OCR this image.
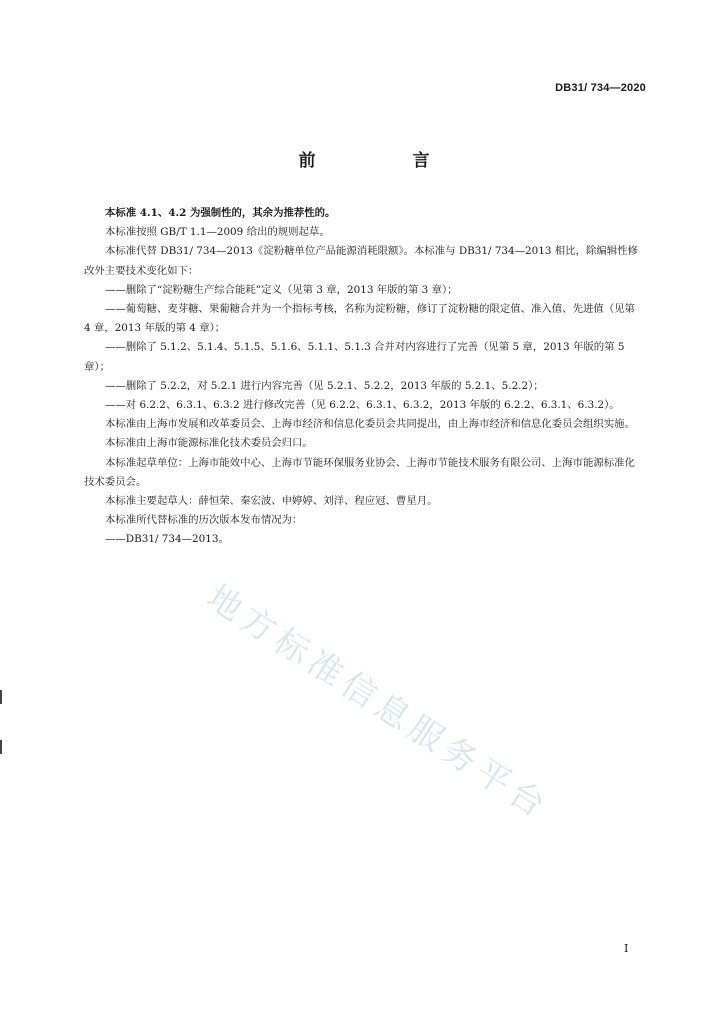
DB31/ 734—2020
前　言

本标准 4.1、4.2 为强制性的，其余为推荐性的。

本标准按照 GB/T 1.1—2009 给出的规则起草。

本标准代替 DB31/ 734—2013《淀粉糖单位产品能源消耗限额》。本标准与 DB31/ 734—2013 相比，除编辑性修改外主要技术变化如下：

——删除了“淀粉糖生产综合能耗”定义（见第 3 章，2013 年版的第 3 章）；

——葡萄糖、麦芽糖、果葡糖合并为一个指标考核，名称为淀粉糖，修订了淀粉糖的限定值、准入值、先进值（见第 4 章，2013 年版的第 4 章）；

——删除了 5.1.2、5.1.4、5.1.5、5.1.6、5.1.1、5.1.3 合并对内容进行了完善（见第 5 章，2013 年版的第 5 章）；

——删除了 5.2.2，对 5.2.1 进行内容完善（见 5.2.1、5.2.2，2013 年版的 5.2.1、5.2.2）；

——对 6.2.2、6.3.1、6.3.2 进行修改完善（见 6.2.2、6.3.1、6.3.2，2013 年版的 6.2.2、6.3.1、6.3.2）。

本标准由上海市发展和改革委员会、上海市经济和信息化委员会共同提出，由上海市经济和信息化委员会组织实施。

本标准由上海市能源标准化技术委员会归口。

本标准起草单位：上海市能效中心、上海市节能环保服务业协会、上海市节能技术服务有限公司、上海市能源标准化技术委员会。

本标准主要起草人：薛恒荣、秦宏波、申婷婷、刘洋、程应冠、曹星月。

本标准所代替标准的历次版本发布情况为：

——DB31/ 734—2013。

地方标准信息服务平台
I
